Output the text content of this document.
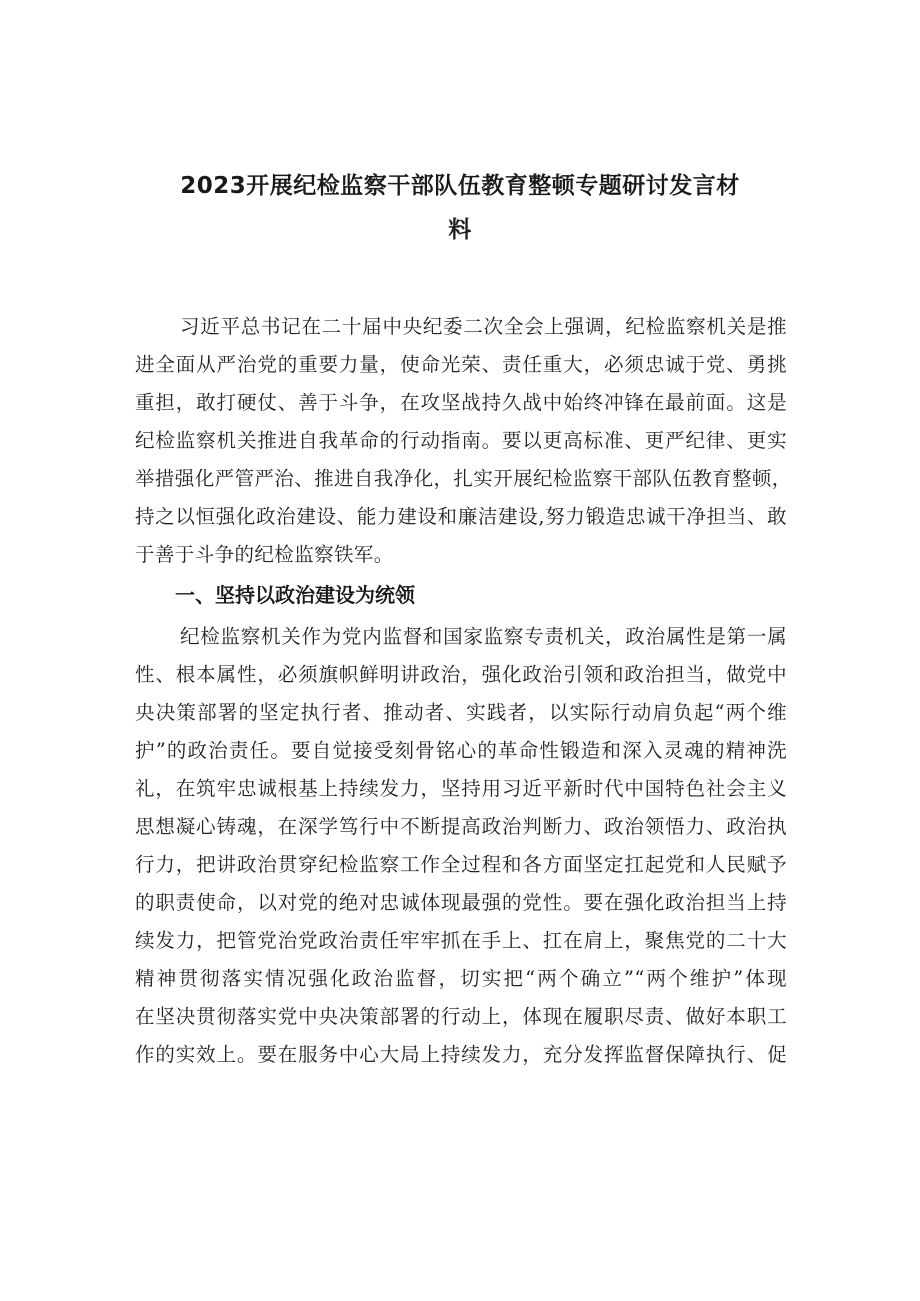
2023开展纪检监察干部队伍教育整顿专题研讨发言材
料
习近平总书记在二十届中央纪委二次全会上强调，纪检监察机关是推
进全面从严治党的重要力量，使命光荣、责任重大，必须忠诚于党、勇挑
重担，敢打硬仗、善于斗争，在攻坚战持久战中始终冲锋在最前面。这是
纪检监察机关推进自我革命的行动指南。要以更高标准、更严纪律、更实
举措强化严管严治、推进自我净化，扎实开展纪检监察干部队伍教育整顿，
持之以恒强化政治建设、能力建设和廉洁建设,努力锻造忠诚干净担当、敢
于善于斗争的纪检监察铁军。
一、坚持以政治建设为统领
纪检监察机关作为党内监督和国家监察专责机关，政治属性是第一属
性、根本属性，必须旗帜鲜明讲政治，强化政治引领和政治担当，做党中
央决策部署的坚定执行者、推动者、实践者，以实际行动肩负起“两个维
护”的政治责任。要自觉接受刻骨铭心的革命性锻造和深入灵魂的精神洗
礼，在筑牢忠诚根基上持续发力，坚持用习近平新时代中国特色社会主义
思想凝心铸魂，在深学笃行中不断提高政治判断力、政治领悟力、政治执
行力，把讲政治贯穿纪检监察工作全过程和各方面坚定扛起党和人民赋予
的职责使命，以对党的绝对忠诚体现最强的党性。要在强化政治担当上持
续发力，把管党治党政治责任牢牢抓在手上、扛在肩上，聚焦党的二十大
精神贯彻落实情况强化政治监督，切实把“两个确立”“两个维护”体现
在坚决贯彻落实党中央决策部署的行动上，体现在履职尽责、做好本职工
作的实效上。要在服务中心大局上持续发力，充分发挥监督保障执行、促
